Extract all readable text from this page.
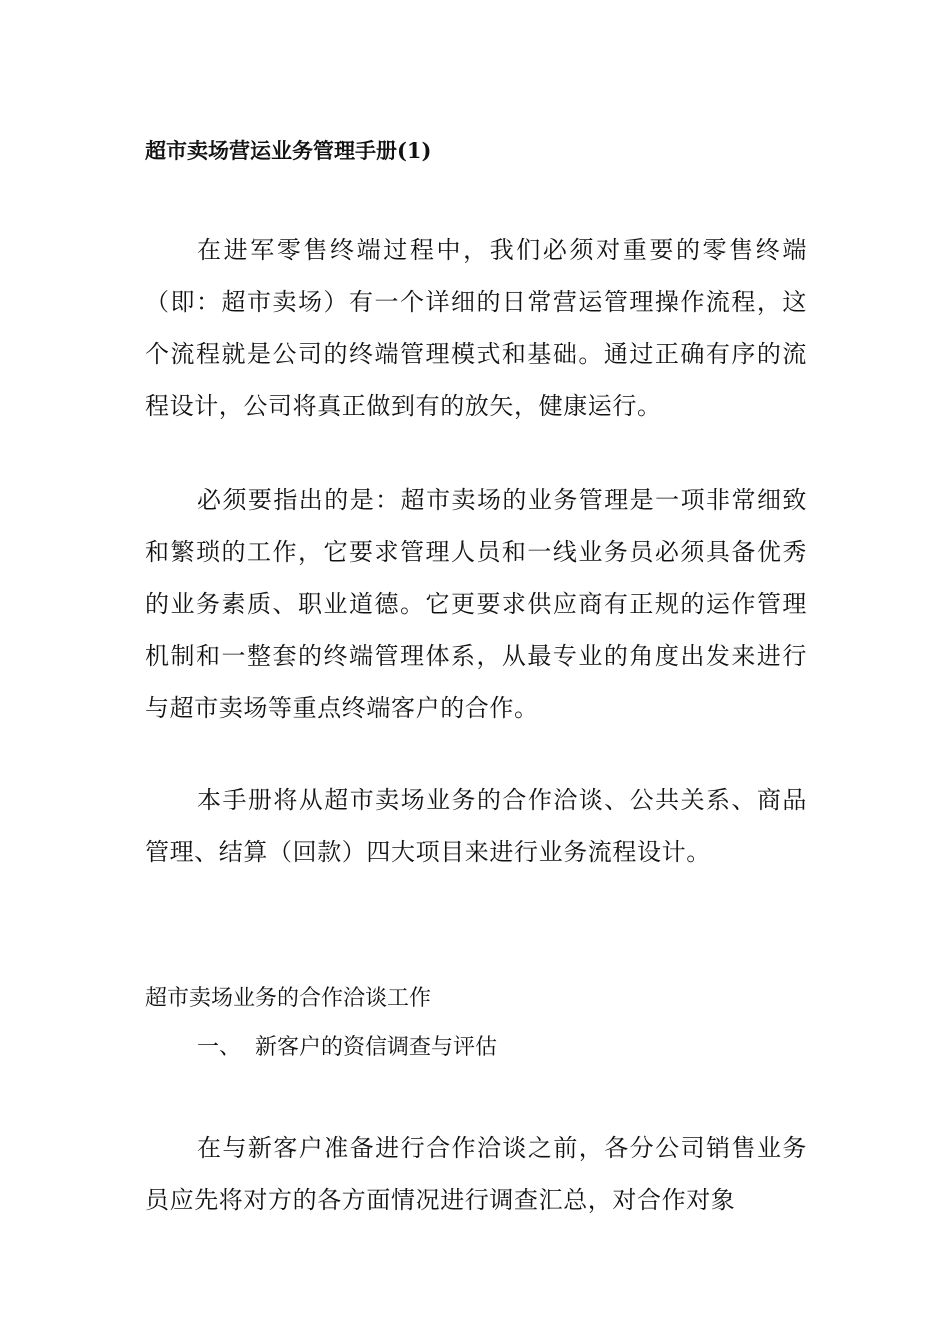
超市卖场营运业务管理手册(1)

在进军零售终端过程中，我们必须对重要的零售终端（即：超市卖场）有一个详细的日常营运管理操作流程，这个流程就是公司的终端管理模式和基础。通过正确有序的流程设计，公司将真正做到有的放矢，健康运行。

必须要指出的是：超市卖场的业务管理是一项非常细致和繁琐的工作，它要求管理人员和一线业务员必须具备优秀的业务素质、职业道德。它更要求供应商有正规的运作管理机制和一整套的终端管理体系，从最专业的角度出发来进行与超市卖场等重点终端客户的合作。

本手册将从超市卖场业务的合作洽谈、公共关系、商品管理、结算（回款）四大项目来进行业务流程设计。

超市卖场业务的合作洽谈工作
一、 新客户的资信调查与评估

在与新客户准备进行合作洽谈之前，各分公司销售业务员应先将对方的各方面情况进行调查汇总，对合作对象
